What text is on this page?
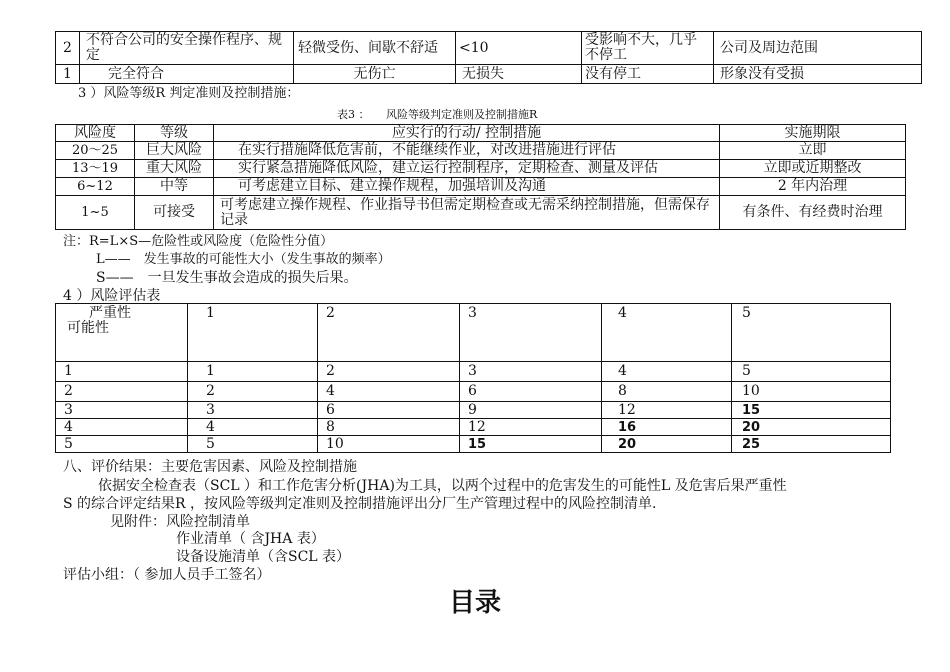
2	不符合公司的安全操作程序、规定	轻微受伤、间歇不舒适	<10	受影响不大，几乎不停工	公司及周边范围
1	完全符合	无伤亡	无损失	没有停工	形象没有受损
3 ）风险等级R 判定准则及控制措施：
表3 ：　　风险等级判定准则及控制措施R
风险度	等级	应实行的行动/ 控制措施	实施期限
20～25	巨大风险	在实行措施降低危害前，不能继续作业，对改进措施进行评估	立即
13～19	重大风险	实行紧急措施降低风险，建立运行控制程序，定期检查、测量及评估	立即或近期整改
6~12	中等	可考虑建立目标、建立操作规程，加强培训及沟通	2 年内治理
1~5	可接受	可考虑建立操作规程、作业指导书但需定期检查或无需采纳控制措施，但需保存记录	有条件、有经费时治理
注：R=L×S—危险性或风险度（危险性分值）
L——　发生事故的可能性大小（发生事故的频率）
S——　一旦发生事故会造成的损失后果。
4 ）风险评估表
严重性
可能性	1	2	3	4	5
1	1	2	3	4	5
2	2	4	6	8	10
3	3	6	9	12	15
4	4	8	12	16	20
5	5	10	15	20	25
八、评价结果：主要危害因素、风险及控制措施
依据安全检查表（SCL ）和工作危害分析(JHA)为工具，以两个过程中的危害发生的可能性L 及危害后果严重性
S 的综合评定结果R ，按风险等级判定准则及控制措施评出分厂生产管理过程中的风险控制清单.
见附件：风险控制清单
作业清单（ 含JHA 表）
设备设施清单（含SCL 表）
评估小组：（ 参加人员手工签名）
目录
